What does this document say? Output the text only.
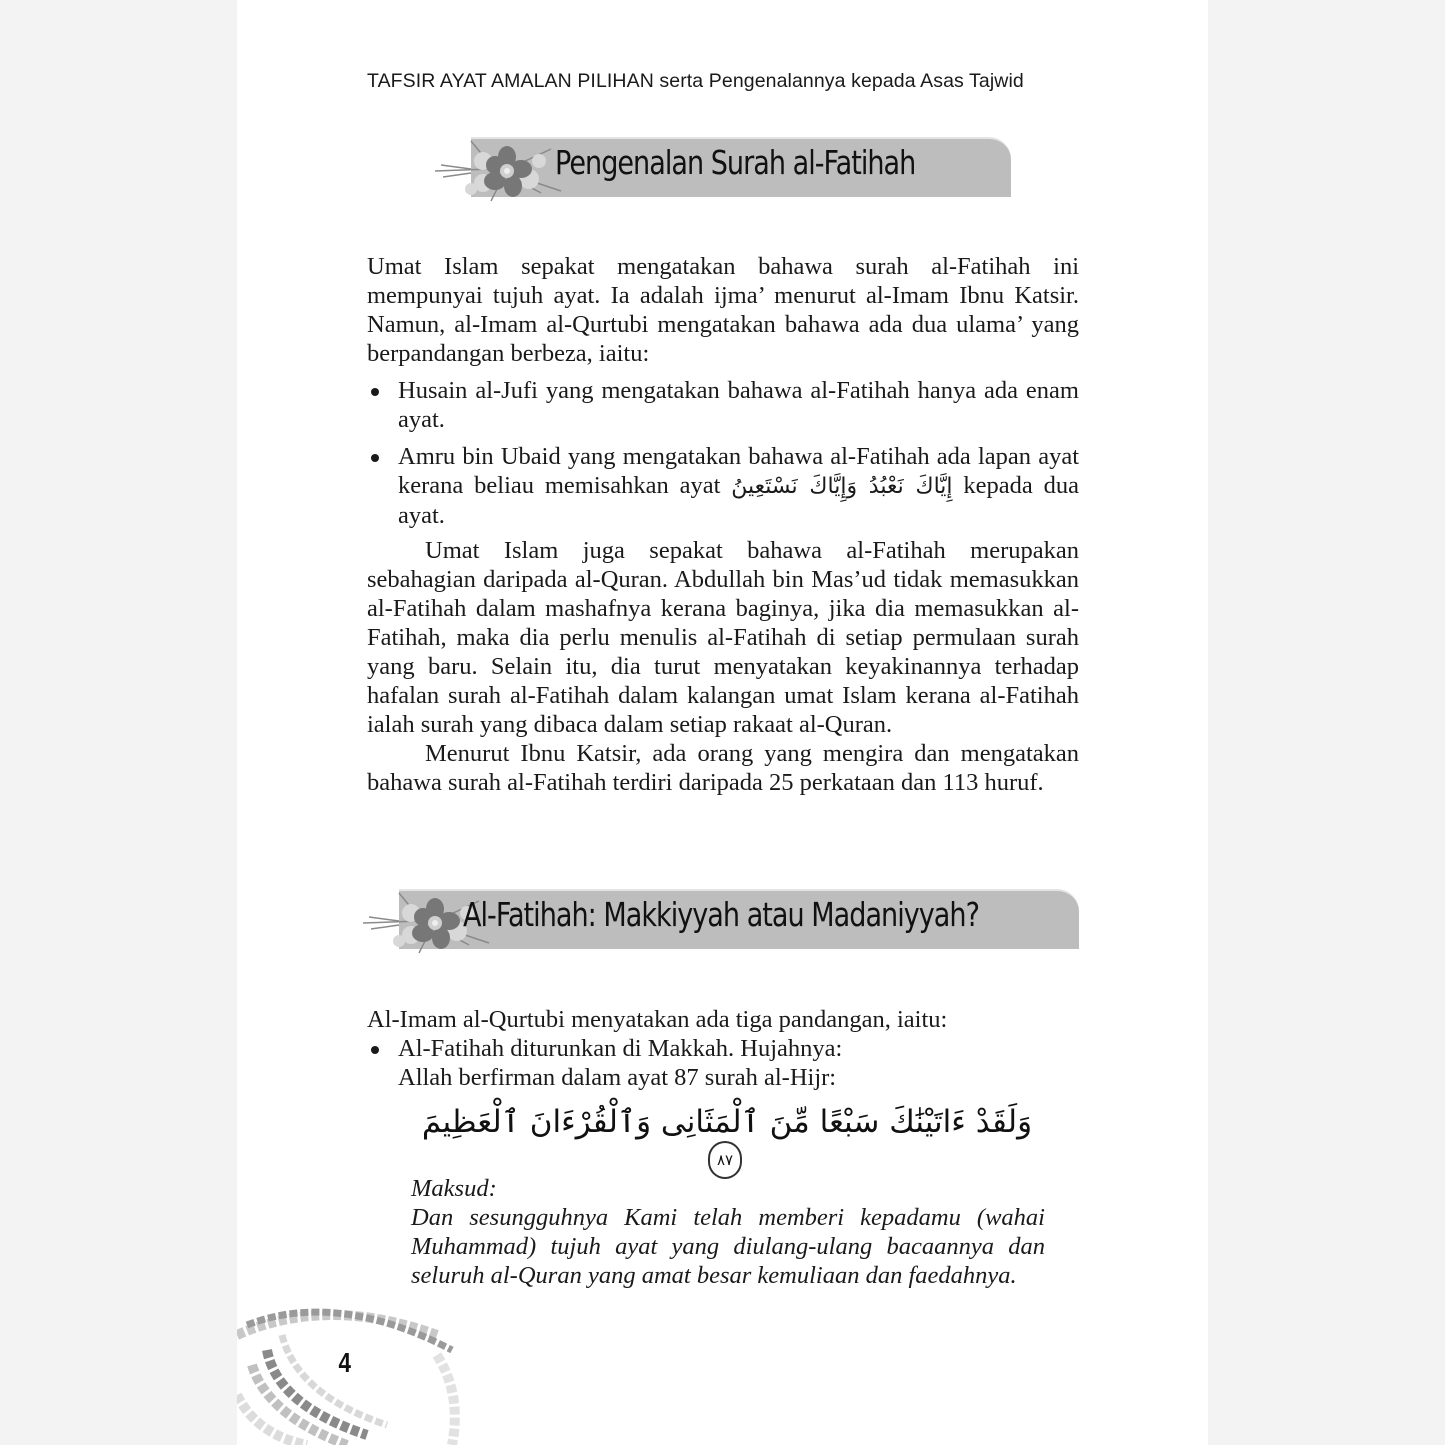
TAFSIR AYAT AMALAN PILIHAN serta Pengenalannya kepada Asas Tajwid
Pengenalan Surah al-Fatihah

Umat Islam sepakat mengatakan bahawa surah al-Fatihah ini mempunyai tujuh ayat. Ia adalah ijma’ menurut al-Imam Ibnu Katsir. Namun, al-Imam al-Qurtubi mengatakan bahawa ada dua ulama’ yang berpandangan berbeza, iaitu:

Husain al-Jufi yang mengatakan bahawa al-Fatihah hanya ada enam ayat.
Amru bin Ubaid yang mengatakan bahawa al-Fatihah ada lapan ayat kerana beliau memisahkan ayat إِيَّاكَ نَعْبُدُ وَإِيَّاكَ نَسْتَعِينُ kepada dua ayat.

Umat Islam juga sepakat bahawa al-Fatihah merupakan sebahagian daripada al-Quran. Abdullah bin Mas’ud tidak memasukkan al-Fatihah dalam mashafnya kerana baginya, jika dia memasukkan al-Fatihah, maka dia perlu menulis al-Fatihah di setiap permulaan surah yang baru. Selain itu, dia turut menyatakan keyakinannya terhadap hafalan surah al-Fatihah dalam kalangan umat Islam kerana al-Fatihah ialah surah yang dibaca dalam setiap rakaat al-Quran.

Menurut Ibnu Katsir, ada orang yang mengira dan mengatakan bahawa surah al-Fatihah terdiri daripada 25 perkataan dan 113 huruf.

Al-Fatihah: Makkiyyah atau Madaniyyah?

Al-Imam al-Qurtubi menyatakan ada tiga pandangan, iaitu:

Al-Fatihah diturunkan di Makkah. Hujahnya:
Allah berfirman dalam ayat 87 surah al-Hijr:
وَلَقَدْ ءَاتَيْنَٰكَ سَبْعًا مِّنَ ٱلْمَثَانِى وَٱلْقُرْءَانَ ٱلْعَظِيمَ ٨٧
Maksud:
Dan sesungguhnya Kami telah memberi kepadamu (wahai Muhammad) tujuh ayat yang diulang-ulang bacaannya dan seluruh al-Quran yang amat besar kemuliaan dan faedahnya.
4
